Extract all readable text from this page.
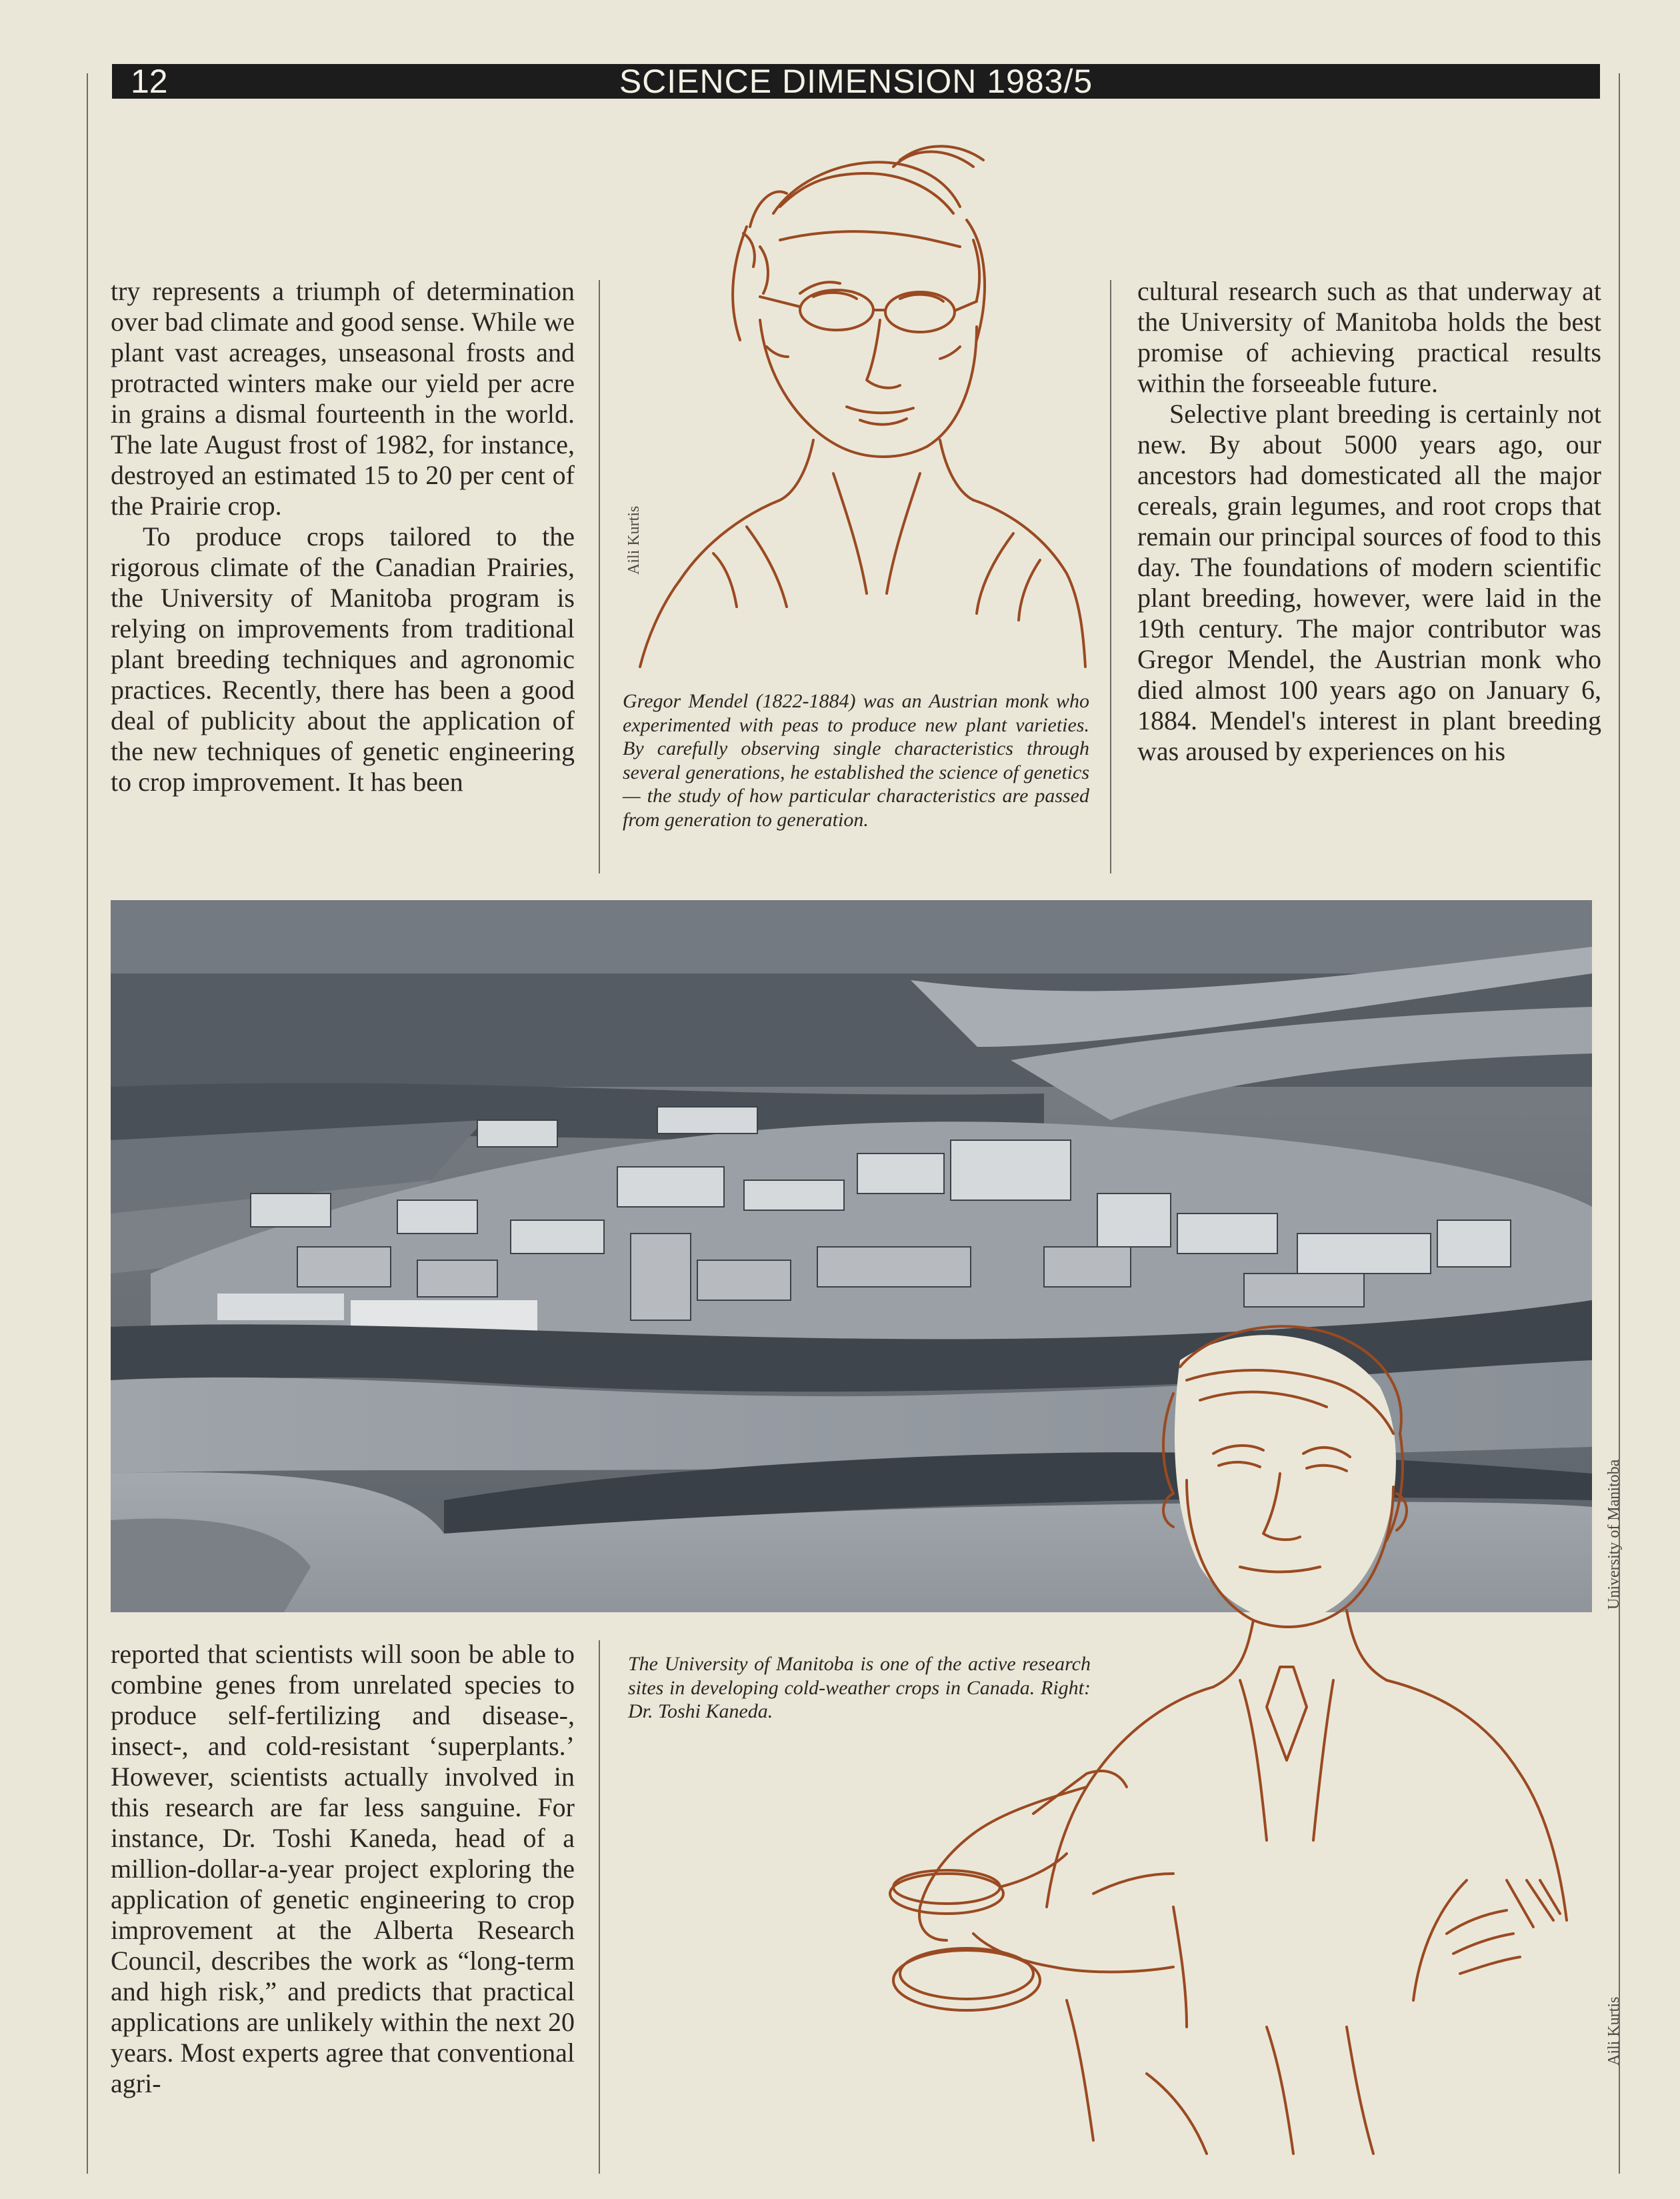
12	SCIENCE DIMENSION 1983/5

try represents a triumph of determination over bad climate and good sense. While we plant vast acreages, unseasonal frosts and protracted winters make our yield per acre in grains a dismal fourteenth in the world. The late August frost of 1982, for instance, destroyed an estimated 15 to 20 per cent of the Prairie crop.

To produce crops tailored to the rigorous climate of the Canadian Prairies, the University of Manitoba program is relying on improvements from traditional plant breeding techniques and agronomic practices. Recently, there has been a good deal of publicity about the application of the new techniques of genetic engineering to crop improvement. It has been

cultural research such as that underway at the University of Manitoba holds the best promise of achieving practical results within the forseeable future.

Selective plant breeding is certainly not new. By about 5000 years ago, our ancestors had domesticated all the major cereals, grain legumes, and root crops that remain our principal sources of food to this day. The foundations of modern scientific plant breeding, however, were laid in the 19th century. The major contributor was Gregor Mendel, the Austrian monk who died almost 100 years ago on January 6, 1884. Mendel's interest in plant breeding was aroused by experiences on his

Aili Kurtis
Gregor Mendel (1822-1884) was an Austrian monk who experimented with peas to produce new plant varieties. By carefully observing single characteristics through several generations, he established the science of genetics — the study of how particular characteristics are passed from generation to generation.
University of Manitoba
Aili Kurtis

reported that scientists will soon be able to combine genes from unrelated species to produce self-fertilizing and disease-, insect-, and cold-resistant ‘superplants.’ However, scientists actually involved in this research are far less sanguine. For instance, Dr. Toshi Kaneda, head of a million-dollar-a-year project exploring the application of genetic engineering to crop improvement at the Alberta Research Council, describes the work as “long-term and high risk,” and predicts that practical applications are unlikely within the next 20 years. Most experts agree that conventional agri-

The University of Manitoba is one of the active research sites in developing cold-weather crops in Canada. Right: Dr. Toshi Kaneda.
